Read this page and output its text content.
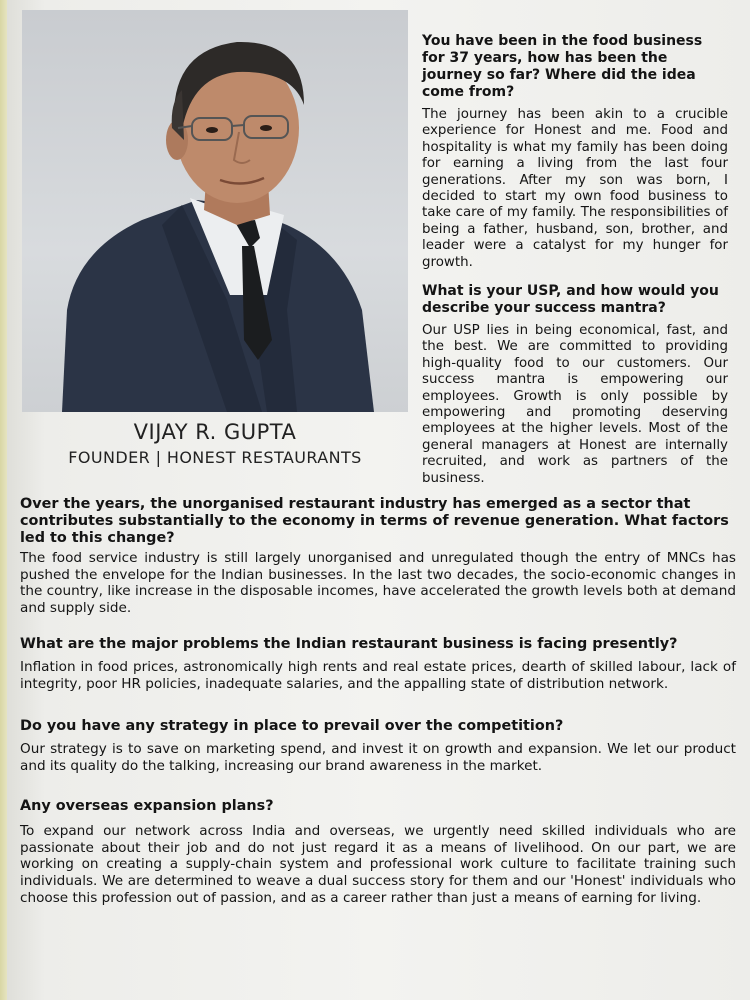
VIJAY R. GUPTA
FOUNDER | HONEST RESTAURANTS

You have been in the food business for 37 years, how has been the journey so far? Where did the idea come from?

The journey has been akin to a crucible experience for Honest and me. Food and hospitality is what my family has been doing for earning a living from the last four generations. After my son was born, I decided to start my own food business to take care of my family. The responsibilities of being a father, husband, son, brother, and leader were a catalyst for my hunger for growth.

What is your USP, and how would you describe your success mantra?

Our USP lies in being economical, fast, and the best. We are committed to providing high-quality food to our customers. Our success mantra is empowering our employees. Growth is only possible by empowering and promoting deserving employees at the higher levels. Most of the general managers at Honest are internally recruited, and work as partners of the business.

Over the years, the unorganised restaurant industry has emerged as a sector that contributes substantially to the economy in terms of revenue generation. What factors led to this change?

The food service industry is still largely unorganised and unregulated though the entry of MNCs has pushed the envelope for the Indian businesses. In the last two decades, the socio-economic changes in the country, like increase in the disposable incomes, have accelerated the growth levels both at demand and supply side.

What are the major problems the Indian restaurant business is facing presently?

Inflation in food prices, astronomically high rents and real estate prices, dearth of skilled labour, lack of integrity, poor HR policies, inadequate salaries, and the appalling state of distribution network.

Do you have any strategy in place to prevail over the competition?

Our strategy is to save on marketing spend, and invest it on growth and expansion. We let our product and its quality do the talking, increasing our brand awareness in the market.

Any overseas expansion plans?

To expand our network across India and overseas, we urgently need skilled individuals who are passionate about their job and do not just regard it as a means of livelihood. On our part, we are working on creating a supply-chain system and professional work culture to facilitate training such individuals. We are determined to weave a dual success story for them and our 'Honest' individuals who choose this profession out of passion, and as a career rather than just a means of earning for living.
